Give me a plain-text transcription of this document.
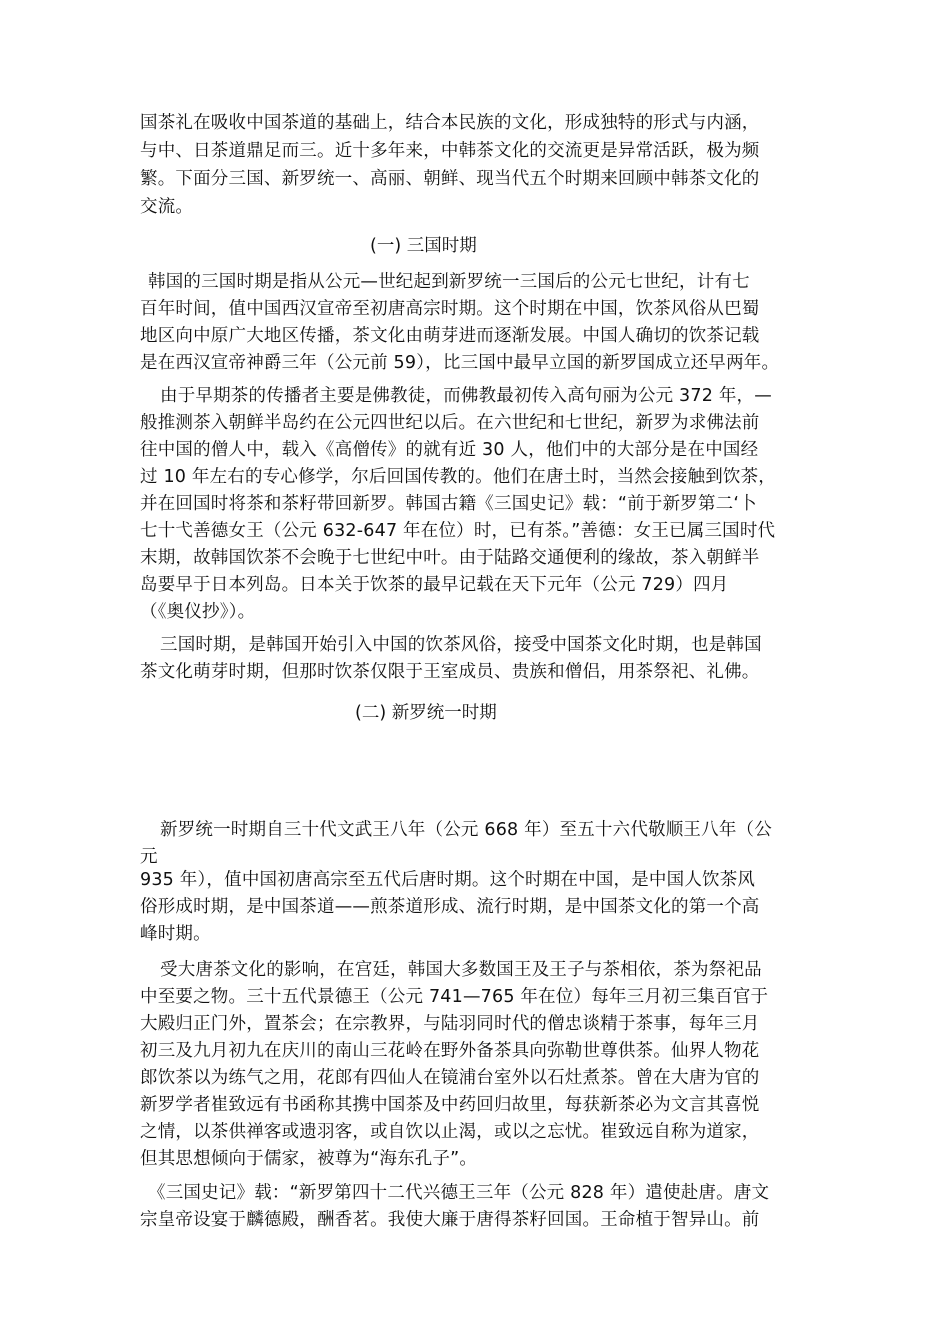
国茶礼在吸收中国茶道的基础上，结合本民族的文化，形成独特的形式与内涵，
与中、日茶道鼎足而三。近十多年来，中韩茶文化的交流更是异常活跃，极为频
繁。下面分三国、新罗统一、高丽、朝鲜、现当代五个时期来回顾中韩茶文化的
交流。
(一) 三国时期
韩国的三国时期是指从公元—世纪起到新罗统一三国后的公元七世纪，计有七
百年时间，值中国西汉宣帝至初唐高宗时期。这个时期在中国，饮茶风俗从巴蜀
地区向中原广大地区传播，茶文化由萌芽进而逐渐发展。中国人确切的饮茶记载
是在西汉宣帝神爵三年（公元前 59），比三国中最早立国的新罗国成立还早两年。
由于早期茶的传播者主要是佛教徒，而佛教最初传入高句丽为公元 372 年，—
般推测茶入朝鲜半岛约在公元四世纪以后。在六世纪和七世纪，新罗为求佛法前
往中国的僧人中，载入《高僧传》的就有近 30 人，他们中的大部分是在中国经
过 10 年左右的专心修学，尔后回国传教的。他们在唐土时，当然会接触到饮茶，
并在回国时将茶和茶籽带回新罗。韩国古籍《三国史记》载：“前于新罗第二‘卜
七十弋善德女王（公元 632-647 年在位）时，已有茶。”善德：女王已属三国时代
末期，故韩国饮茶不会晚于七世纪中叶。由于陆路交通便利的缘故，茶入朝鲜半
岛要早于日本列岛。日本关于饮茶的最早记载在天下元年（公元 729）四月
（《奥仪抄》）。
三国时期，是韩国开始引入中国的饮茶风俗，接受中国茶文化时期，也是韩国
茶文化萌芽时期，但那时饮茶仅限于王室成员、贵族和僧侣，用茶祭祀、礼佛。
(二) 新罗统一时期
新罗统一时期自三十代文武王八年（公元 668 年）至五十六代敬顺王八年（公
元
935 年），值中国初唐高宗至五代后唐时期。这个时期在中国，是中国人饮茶风
俗形成时期，是中国茶道——煎茶道形成、流行时期，是中国茶文化的第一个高
峰时期。
受大唐茶文化的影响，在宫廷，韩国大多数国王及王子与茶相依，茶为祭祀品
中至要之物。三十五代景德王（公元 741—765 年在位）每年三月初三集百官于
大殿归正门外，置茶会；在宗教界，与陆羽同时代的僧忠谈精于茶事，每年三月
初三及九月初九在庆川的南山三花岭在野外备茶具向弥勒世尊供茶。仙界人物花
郎饮茶以为练气之用，花郎有四仙人在镜浦台室外以石灶煮茶。曾在大唐为官的
新罗学者崔致远有书函称其携中国茶及中药回归故里，每获新茶必为文言其喜悦
之情，以茶供禅客或遗羽客，或自饮以止渴，或以之忘忧。崔致远自称为道家，
但其思想倾向于儒家，被尊为“海东孔子”。
《三国史记》载：“新罗第四十二代兴德王三年（公元 828 年）遣使赴唐。唐文
宗皇帝设宴于麟德殿，酬香茗。我使大廉于唐得茶籽回国。王命植于智异山。前
